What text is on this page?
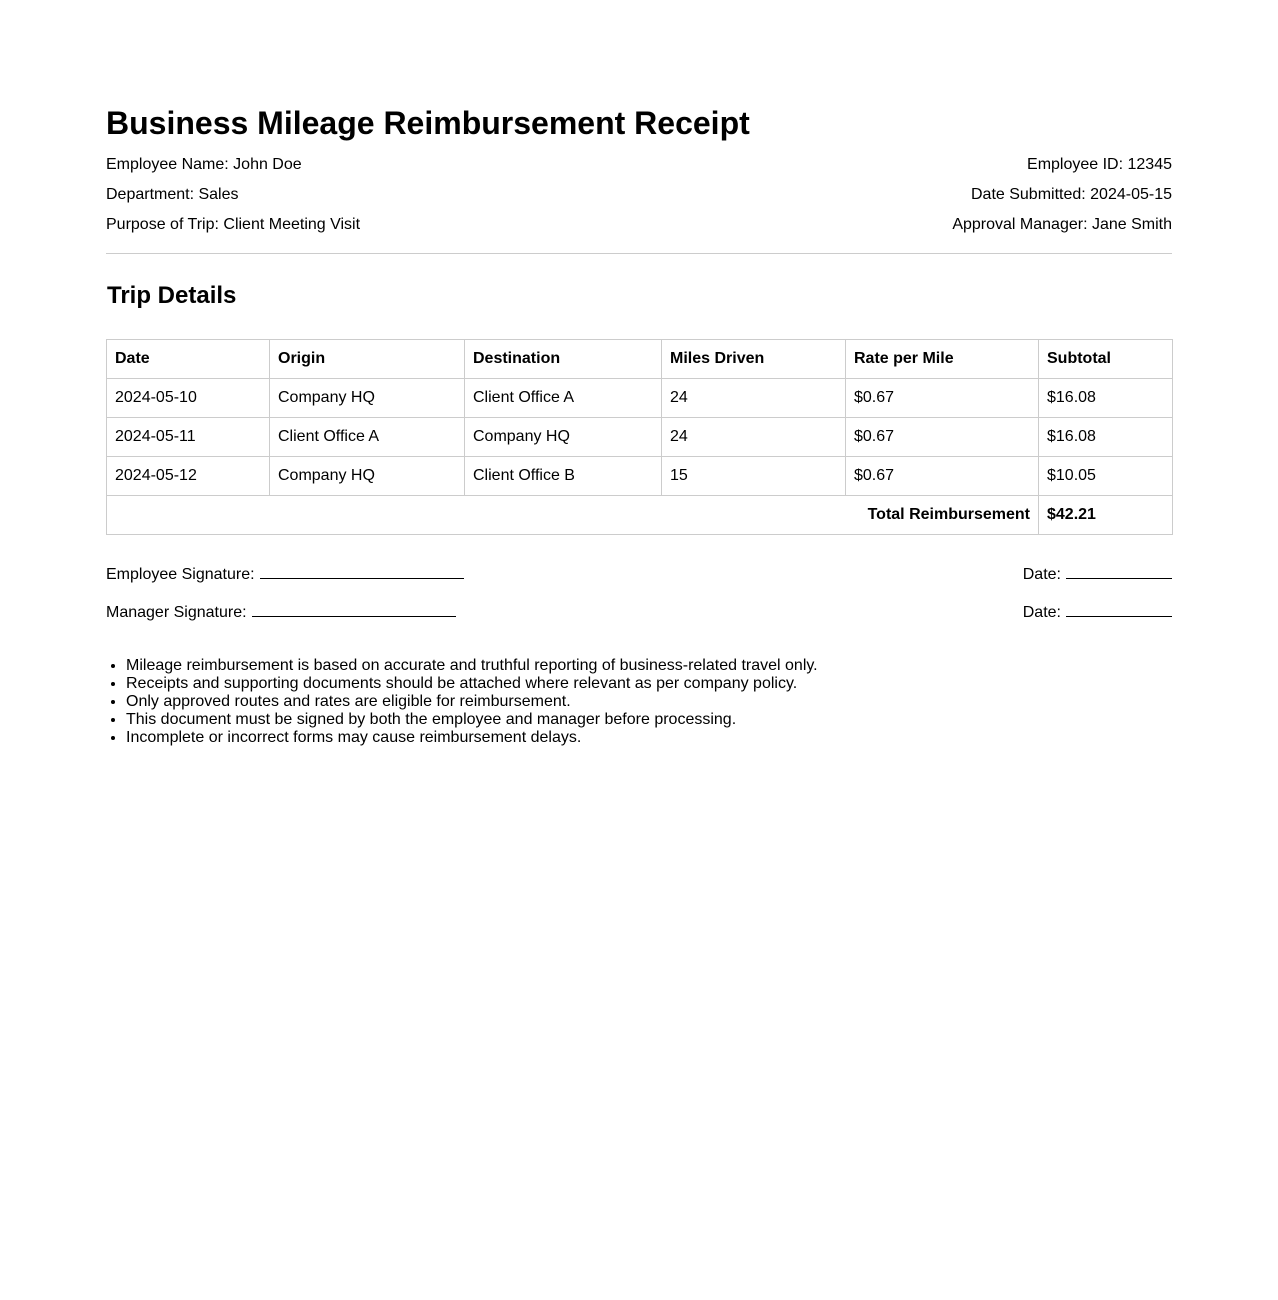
Business Mileage Reimbursement Receipt

Employee Name: John Doe

Department: Sales

Purpose of Trip: Client Meeting Visit

Employee ID: 12345

Date Submitted: 2024-05-15

Approval Manager: Jane Smith

Trip Details
Date	Origin	Destination	Miles Driven	Rate per Mile	Subtotal
2024-05-10	Company HQ	Client Office A	24	$0.67	$16.08
2024-05-11	Client Office A	Company HQ	24	$0.67	$16.08
2024-05-12	Company HQ	Client Office B	15	$0.67	$10.05
Total Reimbursement					$42.21
Employee Signature:	Date:
Manager Signature:	Date:
• Mileage reimbursement is based on accurate and truthful reporting of business-related travel only.
• Receipts and supporting documents should be attached where relevant as per company policy.
• Only approved routes and rates are eligible for reimbursement.
• This document must be signed by both the employee and manager before processing.
• Incomplete or incorrect forms may cause reimbursement delays.
